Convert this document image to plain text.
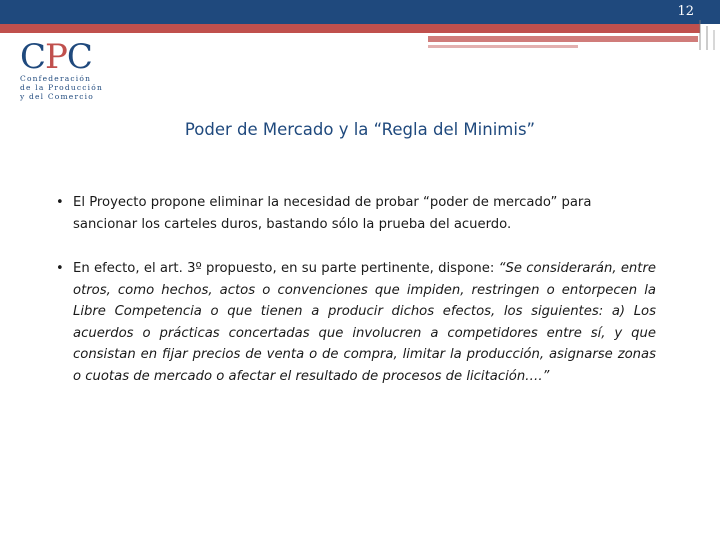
12
CPC
Confederación
de la Producción
y del Comercio
Poder de Mercado y la “Regla del Minimis”
• El Proyecto propone eliminar la necesidad de probar “poder de mercado” para sancionar los carteles duros, bastando sólo la prueba del acuerdo.
• En efecto, el art. 3º propuesto, en su parte pertinente, dispone: “Se considerarán, entre otros, como hechos, actos o convenciones que impiden, restringen o entorpecen la Libre Competencia o que tienen a producir dichos efectos, los siguientes: a) Los acuerdos o prácticas concertadas que involucren a competidores entre sí, y que consistan en fijar precios de venta o de compra, limitar la producción, asignarse zonas o cuotas de mercado o afectar el resultado de procesos de licitación….”
